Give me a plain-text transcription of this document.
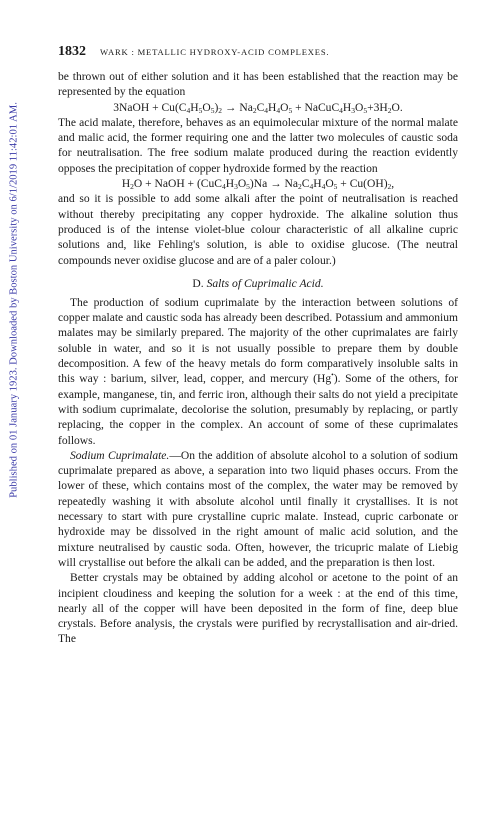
Published on 01 January 1923. Downloaded by Boston University on 6/1/2019 11:42:01 AM.
1832 WARK : METALLIC HYDROXY-ACID COMPLEXES.

be thrown out of either solution and it has been established that the reaction may be represented by the equation

3NaOH + $Cu(C_4H_5O_5)_2 \to Na_2C_4H_4O_5$ + $NaCuC_4H_3O_5+3H_2O$.

The acid malate, therefore, behaves as an equimolecular mixture of the normal malate and malic acid, the former requiring one and the latter two molecules of caustic soda for neutralisation. The free sodium malate produced during the reaction evidently opposes the precipitation of copper hydroxide formed by the reaction

$H_2O$ + NaOH + $(CuC_4H_3O_5)Na \to Na_2C_4H_4O_5 + Cu(OH)_2$,

and so it is possible to add some alkali after the point of neutralisation is reached without thereby precipitating any copper hydroxide. The alkaline solution thus produced is of the intense violet-blue colour characteristic of all alkaline cupric solutions and, like Fehling's solution, is able to oxidise glucose. (The neutral compounds never oxidise glucose and are of a paler colour.)

D. Salts of Cuprimalic Acid.

The production of sodium cuprimalate by the interaction between solutions of copper malate and caustic soda has already been described. Potassium and ammonium malates may be similarly prepared. The majority of the other cuprimalates are fairly soluble in water, and so it is not usually possible to prepare them by double decomposition. A few of the heavy metals do form comparatively insoluble salts in this way : barium, silver, lead, copper, and mercury (Hg•). Some of the others, for example, manganese, tin, and ferric iron, although their salts do not yield a precipitate with sodium cuprimalate, decolorise the solution, presumably by replacing, or partly replacing, the copper in the complex. An account of some of these cuprimalates follows.

Sodium Cuprimalate.—On the addition of absolute alcohol to a solution of sodium cuprimalate prepared as above, a separation into two liquid phases occurs. From the lower of these, which contains most of the complex, the water may be removed by repeatedly washing it with absolute alcohol until finally it crystallises. It is not necessary to start with pure crystalline cupric malate. Instead, cupric carbonate or hydroxide may be dissolved in the right amount of malic acid solution, and the mixture neutralised by caustic soda. Often, however, the tricupric malate of Liebig will crystallise out before the alkali can be added, and the preparation is then lost.

Better crystals may be obtained by adding alcohol or acetone to the point of an incipient cloudiness and keeping the solution for a week : at the end of this time, nearly all of the copper will have been deposited in the form of fine, deep blue crystals. Before analysis, the crystals were purified by recrystallisation and air-dried. The
